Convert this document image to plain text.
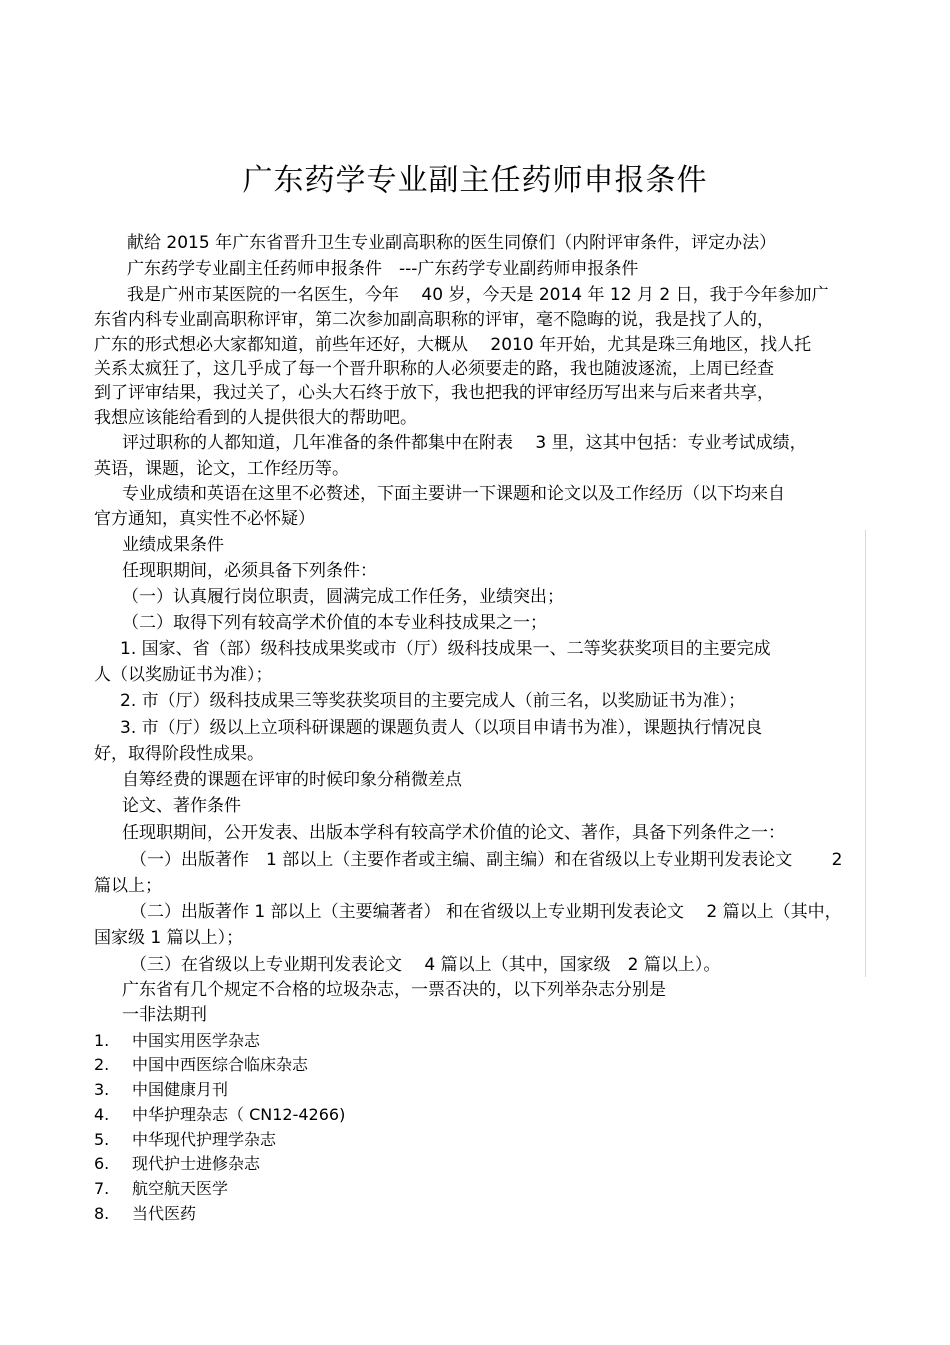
广东药学专业副主任药师申报条件

献给 2015 年广东省晋升卫生专业副高职称的医生同僚们（内附评审条件，评定办法）

广东药学专业副主任药师申报条件　---广东药学专业副药师申报条件

我是广州市某医院的一名医生，今年　 40 岁，今天是 2014 年 12 月 2 日，我于今年参加广

东省内科专业副高职称评审，第二次参加副高职称的评审，毫不隐晦的说，我是找了人的，

广东的形式想必大家都知道，前些年还好，大概从　 2010 年开始，尤其是珠三角地区，找人托

关系太疯狂了，这几乎成了每一个晋升职称的人必须要走的路，我也随波逐流，上周已经查

到了评审结果，我过关了，心头大石终于放下，我也把我的评审经历写出来与后来者共享，

我想应该能给看到的人提供很大的帮助吧。

评过职称的人都知道，几年准备的条件都集中在附表　 3 里，这其中包括：专业考试成绩，

英语，课题，论文，工作经历等。

专业成绩和英语在这里不必赘述，下面主要讲一下课题和论文以及工作经历（以下均来自

官方通知，真实性不必怀疑）

业绩成果条件

任现职期间，必须具备下列条件：

（一）认真履行岗位职责，圆满完成工作任务，业绩突出；

（二）取得下列有较高学术价值的本专业科技成果之一；

1. 国家、省（部）级科技成果奖或市（厅）级科技成果一、二等奖获奖项目的主要完成

人（以奖励证书为准）；

2. 市（厅）级科技成果三等奖获奖项目的主要完成人（前三名，以奖励证书为准）；

3. 市（厅）级以上立项科研课题的课题负责人（以项目申请书为准），课题执行情况良

好，取得阶段性成果。

自筹经费的课题在评审的时候印象分稍微差点

论文、著作条件

任现职期间，公开发表、出版本学科有较高学术价值的论文、著作，具备下列条件之一：

（一）出版著作　1 部以上（主要作者或主编、副主编）和在省级以上专业期刊发表论文　　 2

篇以上；

（二）出版著作 1 部以上（主要编著者） 和在省级以上专业期刊发表论文　 2 篇以上（其中，

国家级 1 篇以上）；

（三）在省级以上专业期刊发表论文　 4 篇以上（其中，国家级　2 篇以上）。

广东省有几个规定不合格的垃圾杂志，一票否决的，以下列举杂志分别是

一非法期刊

1. 中国实用医学杂志

2. 中国中西医综合临床杂志

3. 中国健康月刊

4. 中华护理杂志（ CN12-4266)

5. 中华现代护理学杂志

6. 现代护士进修杂志

7. 航空航天医学

8. 当代医药
